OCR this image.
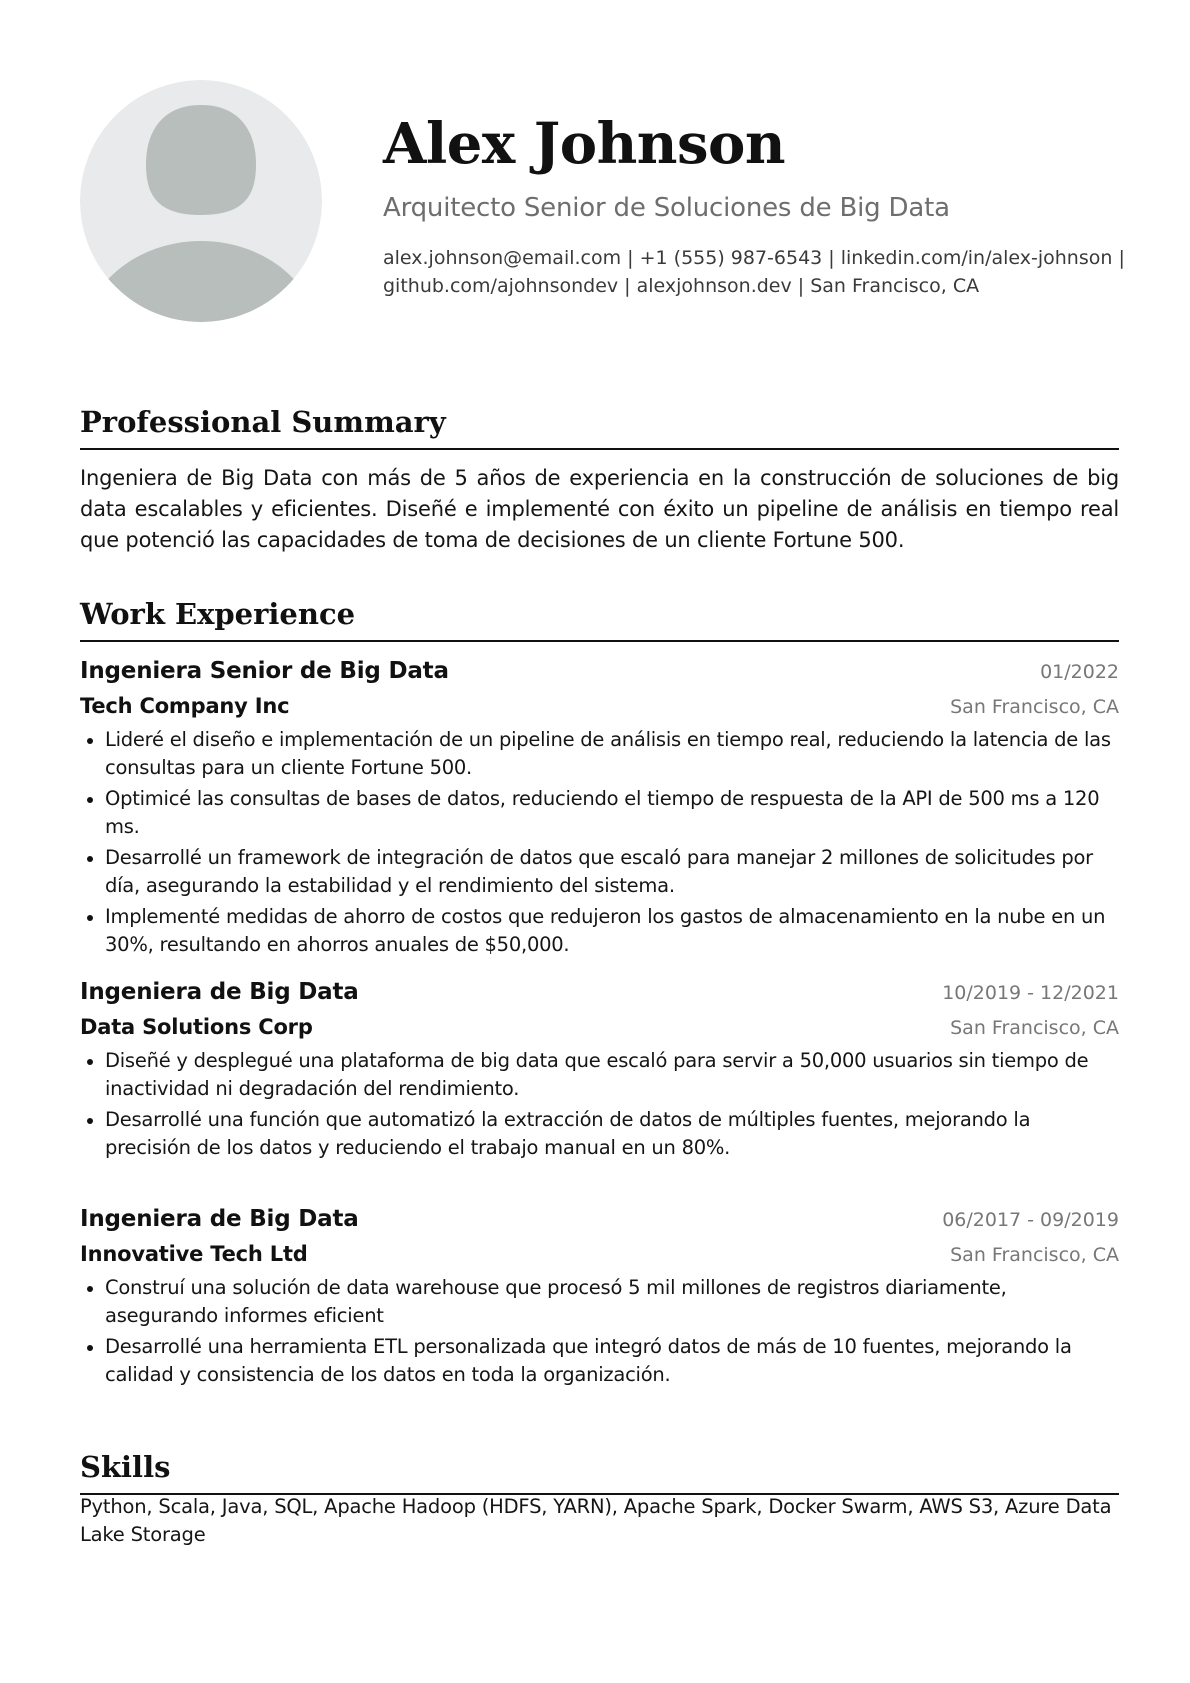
Alex Johnson
Arquitecto Senior de Soluciones de Big Data
alex.johnson@email.com | +1 (555) 987-6543 | linkedin.com/in/alex-johnson |
github.com/ajohnsondev | alexjohnson.dev | San Francisco, CA
Professional Summary

Ingeniera de Big Data con más de 5 años de experiencia en la construcción de soluciones de big data escalables y eficientes. Diseñé e implementé con éxito un pipeline de análisis en tiempo real que potenció las capacidades de toma de decisiones de un cliente Fortune 500.

Work Experience
Ingeniera Senior de Big Data	01/2022
Tech Company Inc	San Francisco, CA
Lideré el diseño e implementación de un pipeline de análisis en tiempo real, reduciendo la latencia de las consultas para un cliente Fortune 500.
Optimicé las consultas de bases de datos, reduciendo el tiempo de respuesta de la API de 500 ms a 120 ms.
Desarrollé un framework de integración de datos que escaló para manejar 2 millones de solicitudes por día, asegurando la estabilidad y el rendimiento del sistema.
Implementé medidas de ahorro de costos que redujeron los gastos de almacenamiento en la nube en un 30%, resultando en ahorros anuales de $50,000.
Ingeniera de Big Data	10/2019 - 12/2021
Data Solutions Corp	San Francisco, CA
Diseñé y desplegué una plataforma de big data que escaló para servir a 50,000 usuarios sin tiempo de inactividad ni degradación del rendimiento.
Desarrollé una función que automatizó la extracción de datos de múltiples fuentes, mejorando la precisión de los datos y reduciendo el trabajo manual en un 80%.
Ingeniera de Big Data	06/2017 - 09/2019
Innovative Tech Ltd	San Francisco, CA
Construí una solución de data warehouse que procesó 5 mil millones de registros diariamente, asegurando informes eficient
Desarrollé una herramienta ETL personalizada que integró datos de más de 10 fuentes, mejorando la calidad y consistencia de los datos en toda la organización.
Skills

Python, Scala, Java, SQL, Apache Hadoop (HDFS, YARN), Apache Spark, Docker Swarm, AWS S3, Azure Data Lake Storage
